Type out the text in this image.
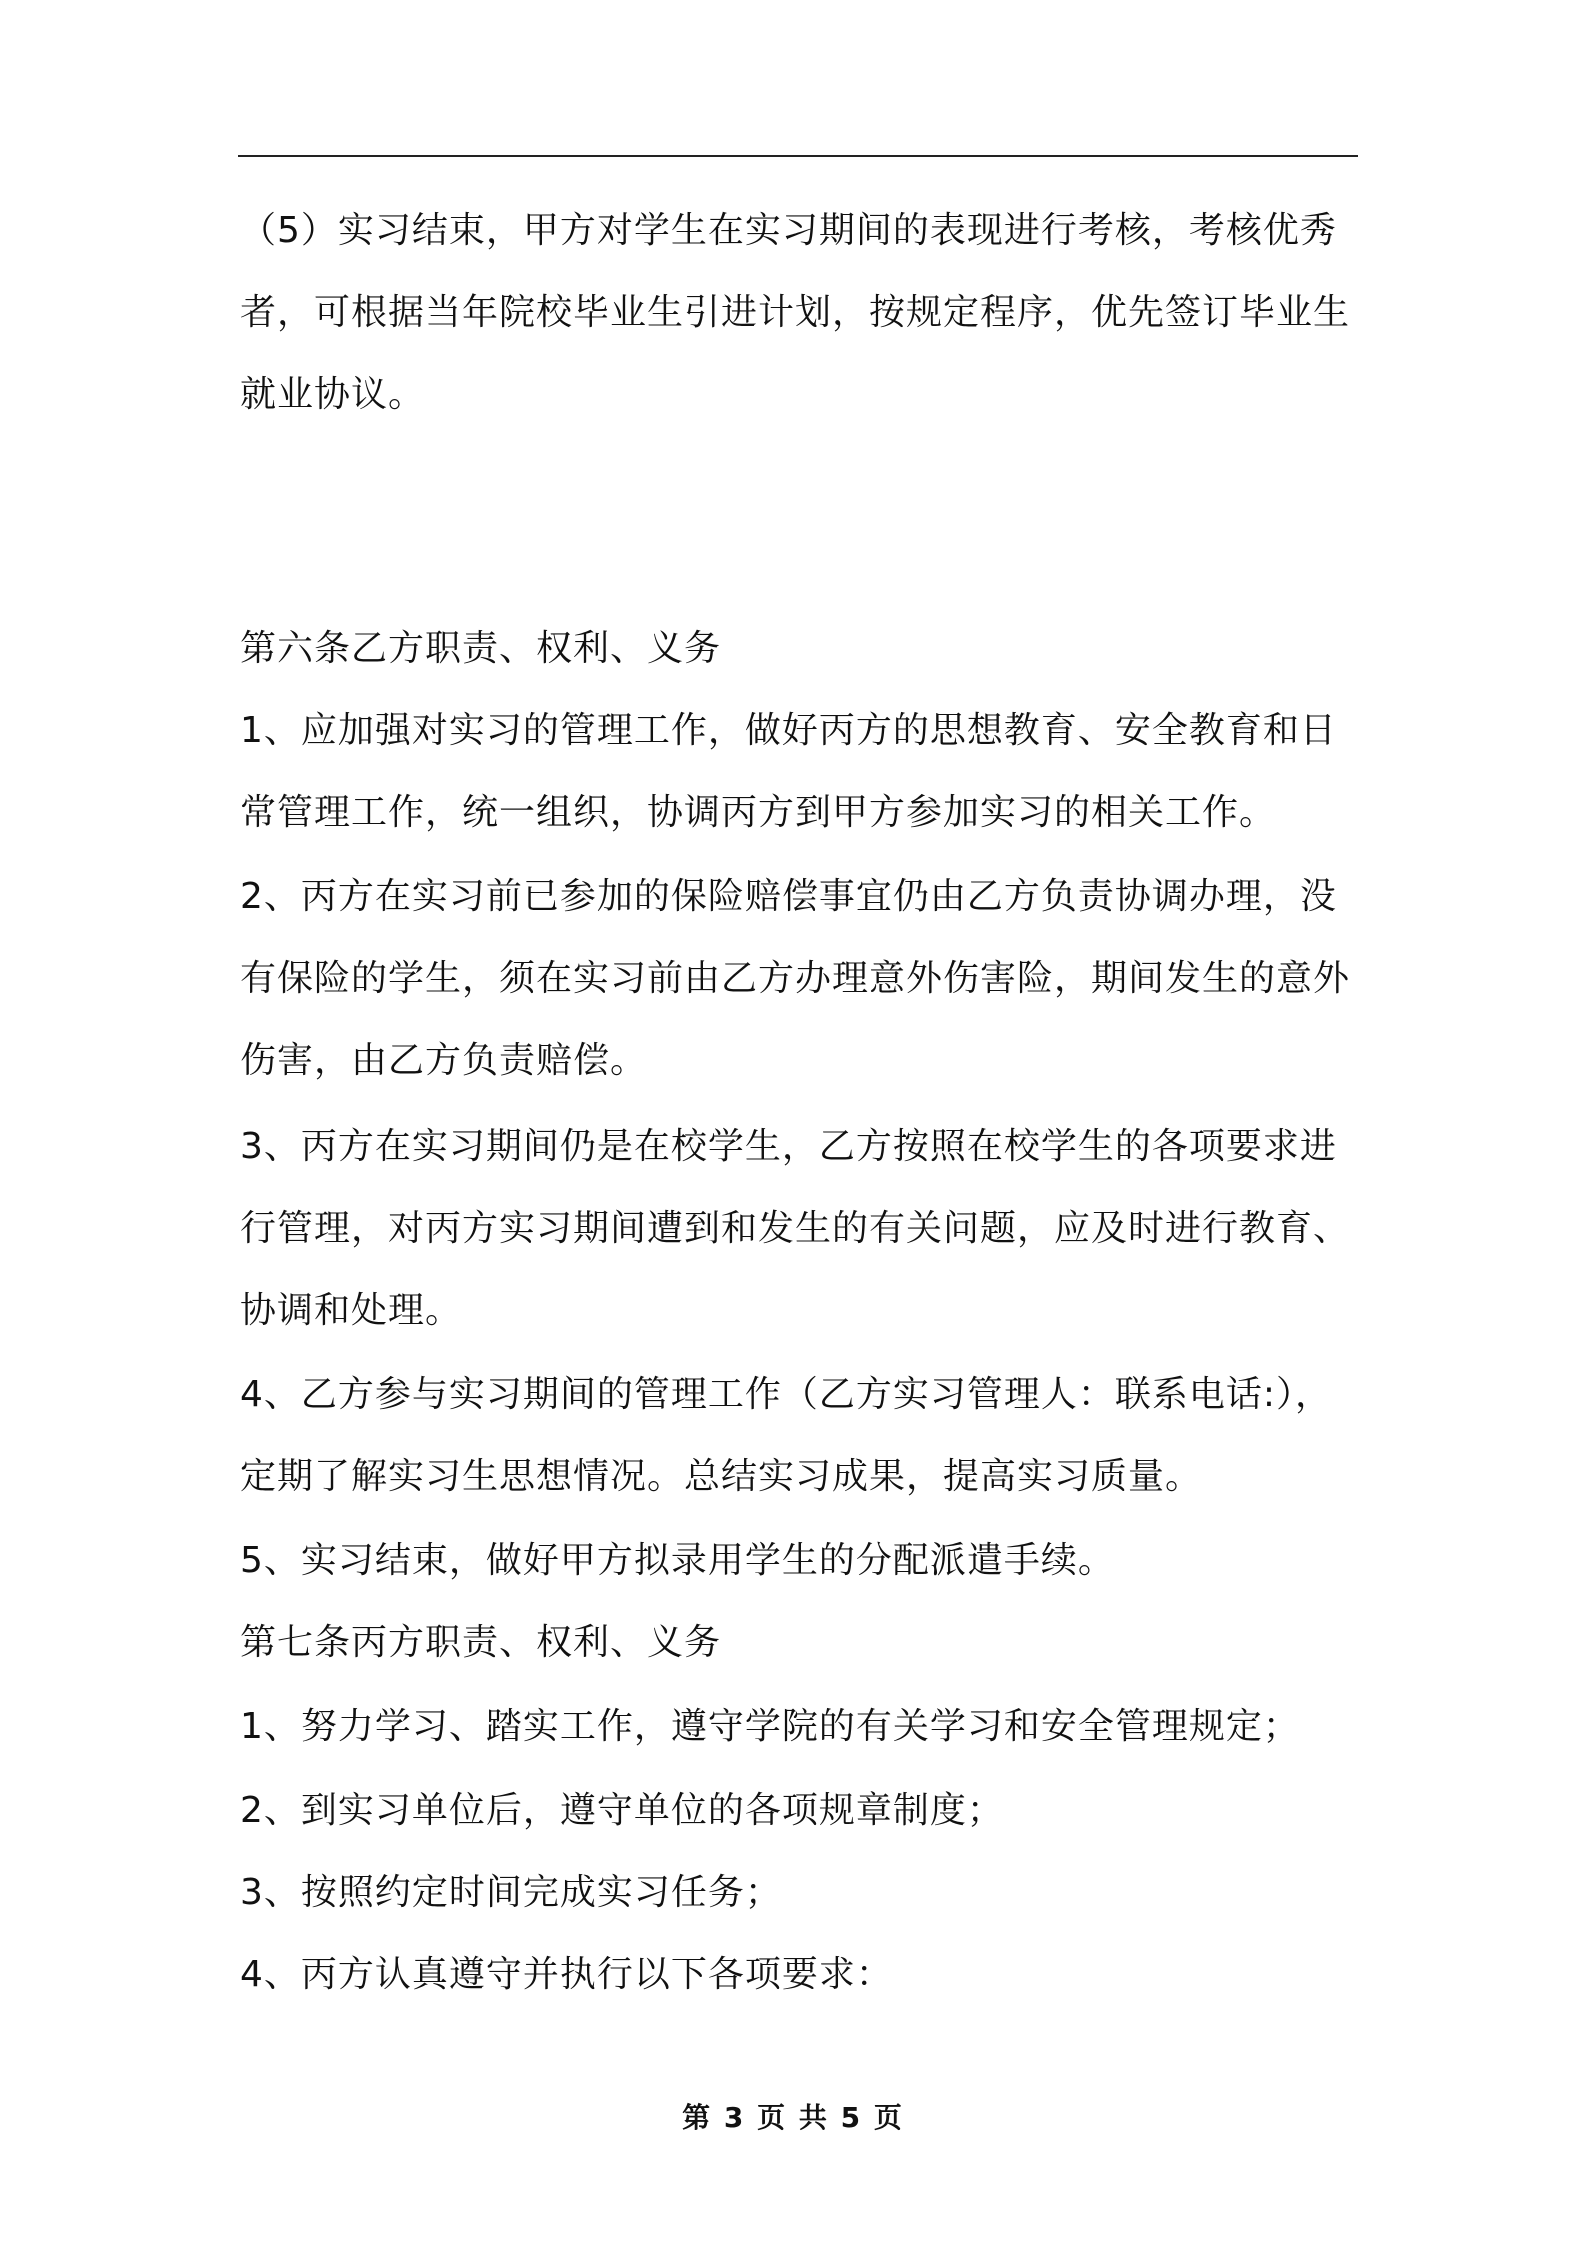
（5）实习结束，甲方对学生在实习期间的表现进行考核，考核优秀者，可根据当年院校毕业生引进计划，按规定程序，优先签订毕业生就业协议。

第六条乙方职责、权利、义务

1、应加强对实习的管理工作，做好丙方的思想教育、安全教育和日常管理工作，统一组织，协调丙方到甲方参加实习的相关工作。

2、丙方在实习前已参加的保险赔偿事宜仍由乙方负责协调办理，没有保险的学生，须在实习前由乙方办理意外伤害险，期间发生的意外伤害，由乙方负责赔偿。

3、丙方在实习期间仍是在校学生，乙方按照在校学生的各项要求进行管理，对丙方实习期间遭到和发生的有关问题，应及时进行教育、协调和处理。

4、乙方参与实习期间的管理工作（乙方实习管理人：联系电话:），定期了解实习生思想情况。总结实习成果，提高实习质量。

5、实习结束，做好甲方拟录用学生的分配派遣手续。

第七条丙方职责、权利、义务

1、努力学习、踏实工作，遵守学院的有关学习和安全管理规定；

2、到实习单位后，遵守单位的各项规章制度；

3、按照约定时间完成实习任务；

4、丙方认真遵守并执行以下各项要求：

第 3 页 共 5 页
